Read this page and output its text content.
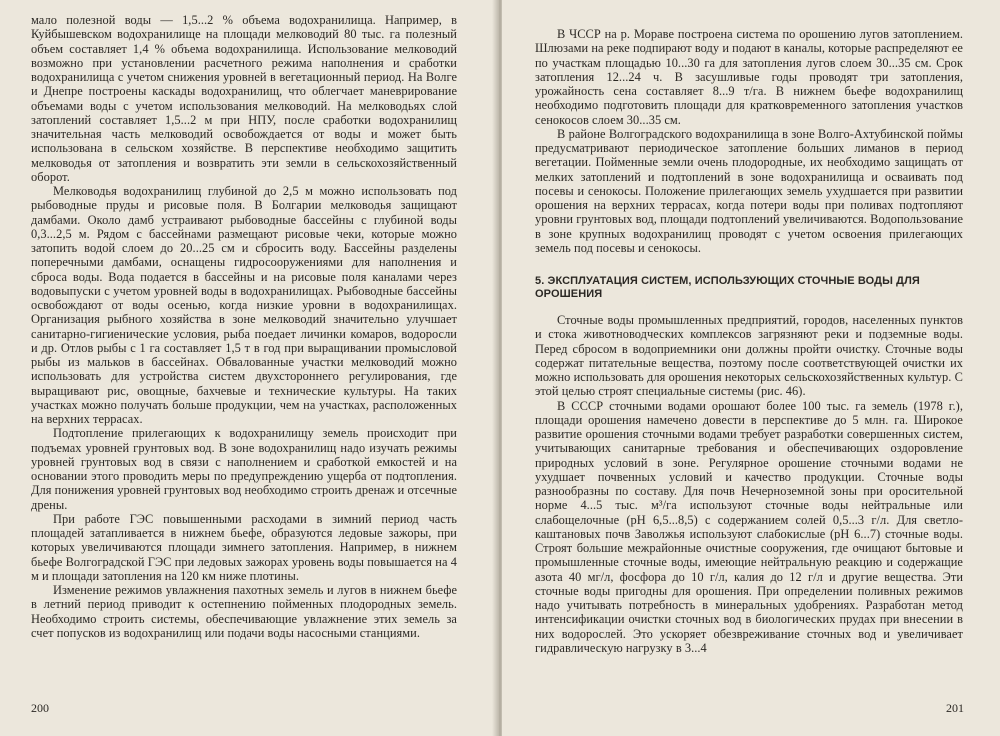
мало полезной воды — 1,5...2 % объема водохранилища. Например, в Куйбышевском водохранилище на площади мелководий 80 тыс. га полезный объем составляет 1,4 % объема водохранилища. Использование мелководий возможно при установлении расчетного режима наполнения и сработки водохранилища с учетом снижения уровней в вегетационный период. На Волге и Днепре построены каскады водохранилищ, что облегчает маневрирование объемами воды с учетом использования мелководий. На мелководьях слой затоплений составляет 1,5...2 м при НПУ, после сработки водохранилищ значительная часть мелководий освобождается от воды и может быть использована в сельском хозяйстве. В перспективе необходимо защитить мелководья от затопления и возвратить эти земли в сельскохозяйственный оборот.

Мелководья водохранилищ глубиной до 2,5 м можно использовать под рыбоводные пруды и рисовые поля. В Болгарии мелководья защищают дамбами. Около дамб устраивают рыбоводные бассейны с глубиной воды 0,3...2,5 м. Рядом с бассейнами размещают рисовые чеки, которые можно затопить водой слоем до 20...25 см и сбросить воду. Бассейны разделены поперечными дамбами, оснащены гидросооружениями для наполнения и сброса воды. Вода подается в бассейны и на рисовые поля каналами через водовыпуски с учетом уровней воды в водохранилищах. Рыбоводные бассейны освобождают от воды осенью, когда низкие уровни в водохранилищах. Организация рыбного хозяйства в зоне мелководий значительно улучшает санитарно-гигиенические условия, рыба поедает личинки комаров, водоросли и др. Отлов рыбы с 1 га составляет 1,5 т в год при выращивании промысловой рыбы из мальков в бассейнах. Обвалованные участки мелководий можно использовать для устройства систем двухстороннего регулирования, где выращивают рис, овощные, бахчевые и технические культуры. На таких участках можно получать больше продукции, чем на участках, расположенных на верхних террасах.

Подтопление прилегающих к водохранилищу земель происходит при подъемах уровней грунтовых вод. В зоне водохранилищ надо изучать режимы уровней грунтовых вод в связи с наполнением и сработкой емкостей и на основании этого проводить меры по предупреждению ущерба от подтопления. Для понижения уровней грунтовых вод необходимо строить дренаж и отсечные дрены.

При работе ГЭС повышенными расходами в зимний период часть площадей затапливается в нижнем бьефе, образуются ледовые зажоры, при которых увеличиваются площади зимнего затопления. Например, в нижнем бьефе Волгоградской ГЭС при ледовых зажорах уровень воды повышается на 4 м и площади затопления на 120 км ниже плотины.

Изменение режимов увлажнения пахотных земель и лугов в нижнем бьефе в летний период приводит к остепнению пойменных плодородных земель. Необходимо строить системы, обеспечивающие увлажнение этих земель за счет попусков из водохранилищ или подачи воды насосными станциями.

200

В ЧССР на р. Мораве построена система по орошению лугов затоплением. Шлюзами на реке подпирают воду и подают в каналы, которые распределяют ее по участкам площадью 10...30 га для затопления лугов слоем 30...35 см. Срок затопления 12...24 ч. В засушливые годы проводят три затопления, урожайность сена составляет 8...9 т/га. В нижнем бьефе водохранилищ необходимо подготовить площади для кратковременного затопления участков сенокосов слоем 30...35 см.

В районе Волгоградского водохранилища в зоне Волго-Ахтубинской поймы предусматривают периодическое затопление больших лиманов в период вегетации. Пойменные земли очень плодородные, их необходимо защищать от мелких затоплений и подтоплений в зоне водохранилища и осваивать под посевы и сенокосы. Положение прилегающих земель ухудшается при развитии орошения на верхних террасах, когда потери воды при поливах подтопляют уровни грунтовых вод, площади подтоплений увеличиваются. Водопользование в зоне крупных водохранилищ проводят с учетом освоения прилегающих земель под посевы и сенокосы.

5. ЭКСПЛУАТАЦИЯ СИСТЕМ, ИСПОЛЬЗУЮЩИХ СТОЧНЫЕ ВОДЫ ДЛЯ ОРОШЕНИЯ

Сточные воды промышленных предприятий, городов, населенных пунктов и стока животноводческих комплексов загрязняют реки и подземные воды. Перед сбросом в водоприемники они должны пройти очистку. Сточные воды содержат питательные вещества, поэтому после соответствующей очистки их можно использовать для орошения некоторых сельскохозяйственных культур. С этой целью строят специальные системы (рис. 46).

В СССР сточными водами орошают более 100 тыс. га земель (1978 г.), площади орошения намечено довести в перспективе до 5 млн. га. Широкое развитие орошения сточными водами требует разработки совершенных систем, учитывающих санитарные требования и обеспечивающих оздоровление природных условий в зоне. Регулярное орошение сточными водами не ухудшает почвенных условий и качество продукции. Сточные воды разнообразны по составу. Для почв Нечерноземной зоны при оросительной норме 4...5 тыс. м³/га используют сточные воды нейтральные или слабощелочные (рН 6,5...8,5) с содержанием солей 0,5...3 г/л. Для светло-каштановых почв Заволжья используют слабокислые (рН 6...7) сточные воды. Строят большие межрайонные очистные сооружения, где очищают бытовые и промышленные сточные воды, имеющие нейтральную реакцию и содержащие азота 40 мг/л, фосфора до 10 г/л, калия до 12 г/л и другие вещества. Эти сточные воды пригодны для орошения. При определении поливных режимов надо учитывать потребность в минеральных удобрениях. Разработан метод интенсификации очистки сточных вод в биологических прудах при внесении в них водорослей. Это ускоряет обезвреживание сточных вод и увеличивает гидравлическую нагрузку в 3...4

201
